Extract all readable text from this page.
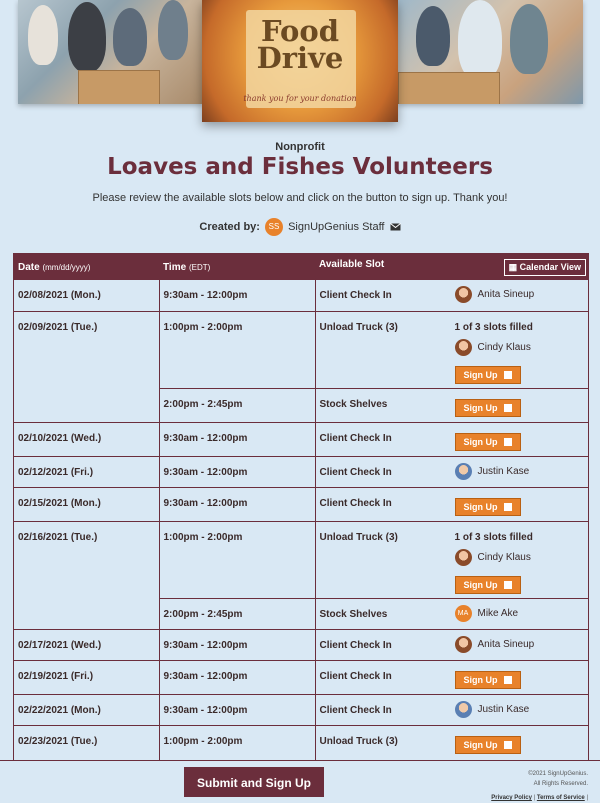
Food
Drive
thank you for your donation
Nonprofit
Loaves and Fishes Volunteers
Please review the available slots below and click on the button to sign up. Thank you!
Created by: SS SignUpGenius Staff
Date (mm/dd/yyyy)	Time (EDT)	Available Slot ▦ Calendar View

02/08/2021 (Mon.)	9:30am - 12:00pm	Client Check In Anita Sineup

02/09/2021 (Tue.)	1:00pm - 2:00pm	Unload Truck (3) 1 of 3 slots filled
Cindy Klaus
Sign Up

	2:00pm - 2:45pm	Stock Shelves Sign Up

02/10/2021 (Wed.)	9:30am - 12:00pm	Client Check In Sign Up

02/12/2021 (Fri.)	9:30am - 12:00pm	Client Check In Justin Kase

02/15/2021 (Mon.)	9:30am - 12:00pm	Client Check In Sign Up

02/16/2021 (Tue.)	1:00pm - 2:00pm	Unload Truck (3) 1 of 3 slots filled
Cindy Klaus
Sign Up

	2:00pm - 2:45pm	Stock Shelves MA Mike Ake

02/17/2021 (Wed.)	9:30am - 12:00pm	Client Check In Anita Sineup

02/19/2021 (Fri.)	9:30am - 12:00pm	Client Check In Sign Up

02/22/2021 (Mon.)	9:30am - 12:00pm	Client Check In Justin Kase

02/23/2021 (Tue.)	1:00pm - 2:00pm	Unload Truck (3) Sign Up
Submit and Sign Up
©2021 SignUpGenius.
All Rights Reserved.
Privacy Policy | Terms of Service |
